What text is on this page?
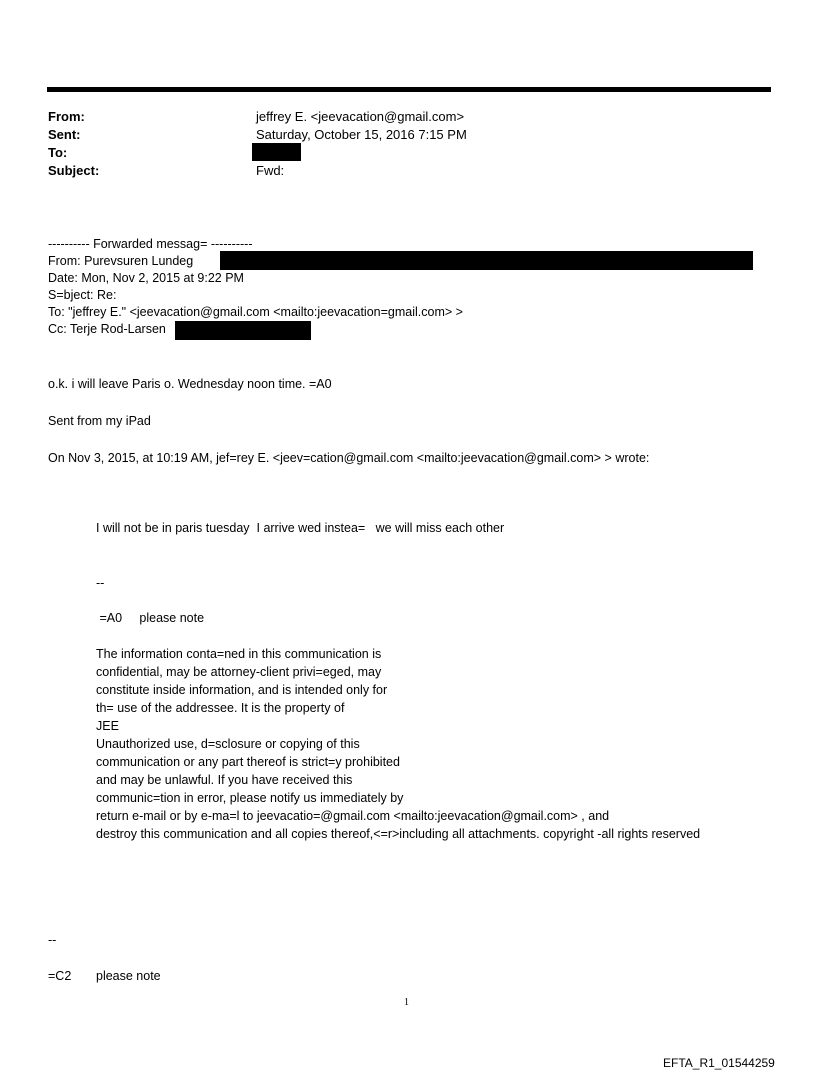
From:	jeffrey E. <jeevacation@gmail.com>
Sent:	Saturday, October 15, 2016 7:15 PM
To:
Subject:	Fwd:
---------- Forwarded messag= ----------
From: Purevsuren Lundeg
Date: Mon, Nov 2, 2015 at 9:22 PM
S=bject: Re:
To: "jeffrey E." <jeevacation@gmail.com <mailto:jeevacation=gmail.com> >
Cc: Terje Rod-Larsen
o.k. i will leave Paris o. Wednesday noon time. =A0
Sent from my iPad
On Nov 3, 2015, at 10:19 AM, jef=rey E. <jeev=cation@gmail.com <mailto:jeevacation@gmail.com> > wrote:
I will not be in paris tuesday  I arrive wed instea=   we will miss each other
--
=A0     please note
The information conta=ned in this communication is
confidential, may be attorney-client privi=eged, may
constitute inside information, and is intended only for
th= use of the addressee. It is the property of
JEE
Unauthorized use, d=sclosure or copying of this
communication or any part thereof is strict=y prohibited
and may be unlawful. If you have received this
communic=tion in error, please notify us immediately by
return e-mail or by e-ma=l to jeevacatio=@gmail.com <mailto:jeevacation@gmail.com> , and
destroy this communication and all copies thereof,<=r>including all attachments. copyright -all rights reserved
--
=C2 please note
1
EFTA_R1_01544259
